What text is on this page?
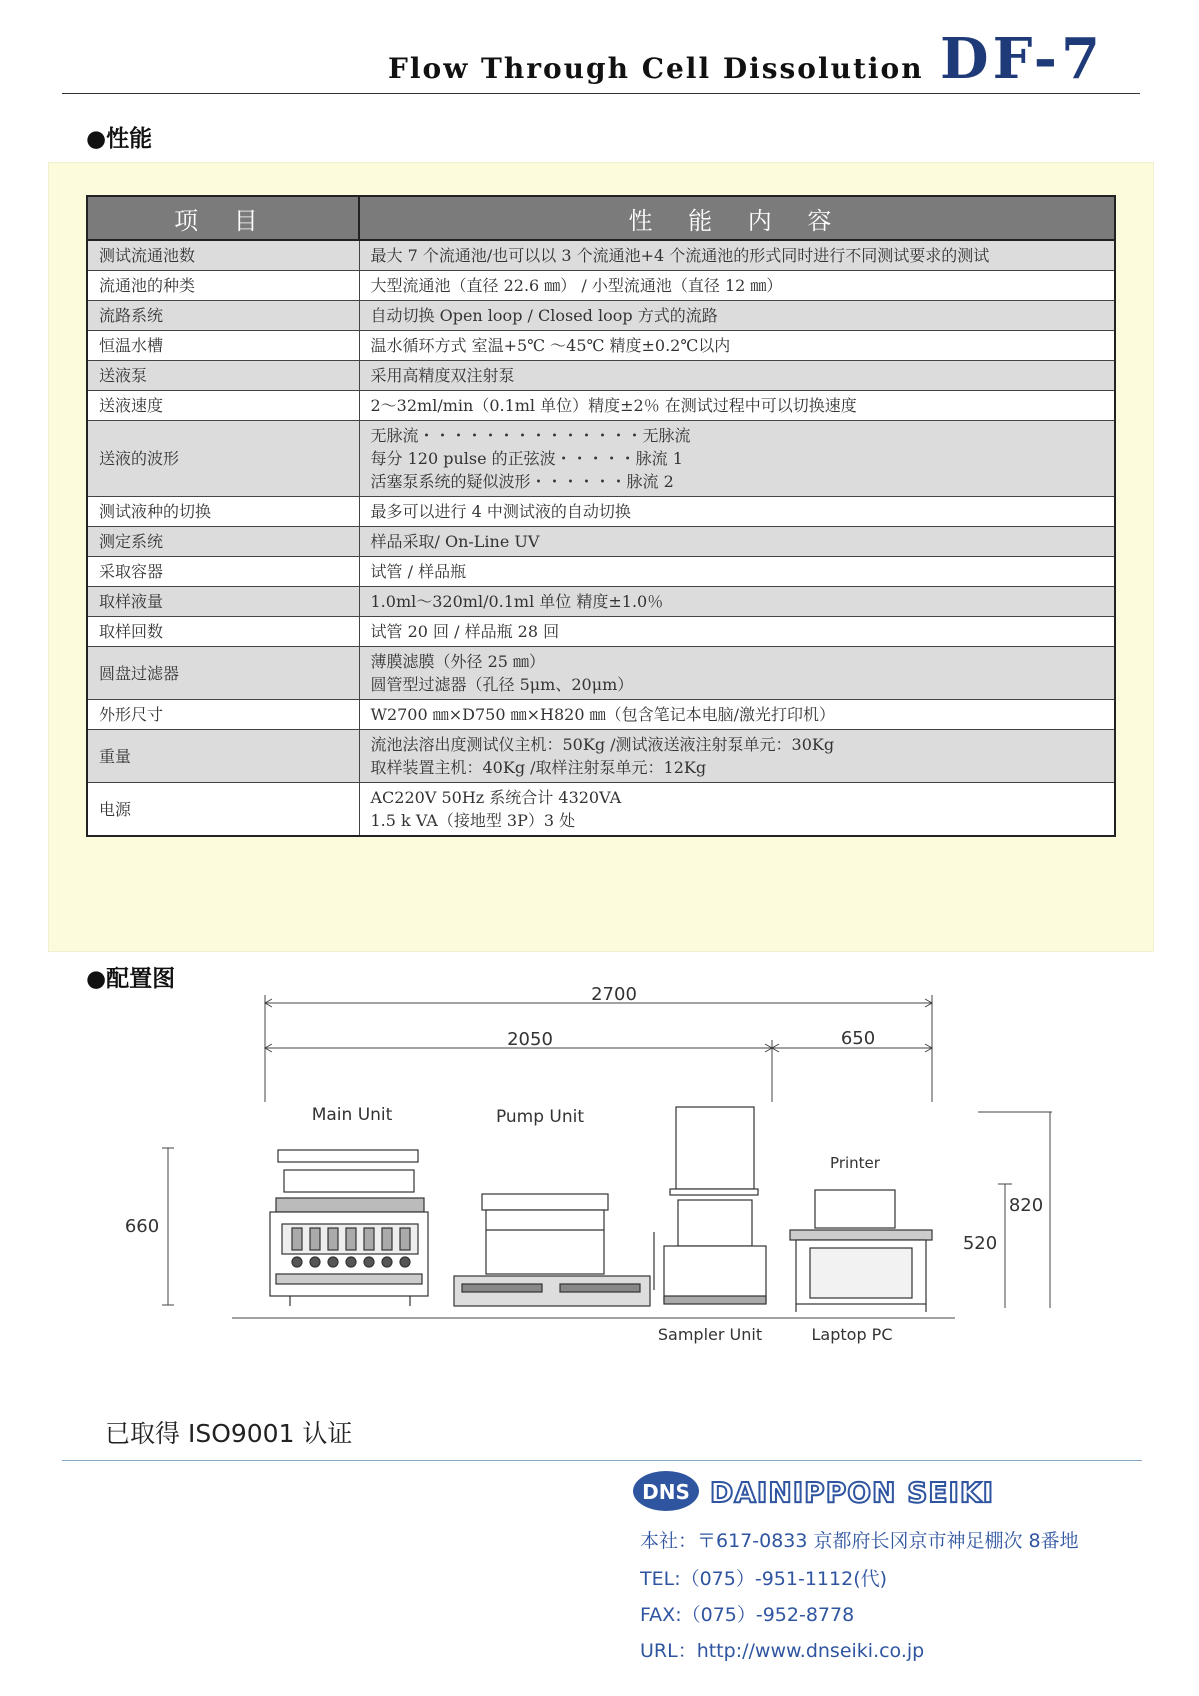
Flow Through Cell Dissolution DF-7
●性能
项 目	性 能 内 容
测试流通池数	最大 7 个流通池/也可以以 3 个流通池+4 个流通池的形式同时进行不同测试要求的测试

流通池的种类	大型流通池（直径 22.6 ㎜） / 小型流通池（直径 12 ㎜）

流路系统	自动切换 Open loop / Closed loop 方式的流路

恒温水槽	温水循环方式 室温+5℃ ～45℃ 精度±0.2℃以内

送液泵	采用高精度双注射泵

送液速度	2～32ml/min（0.1ml 单位）精度±2％ 在测试过程中可以切换速度

送液的波形	无脉流・・・・・・・・・・・・・・无脉流
每分 120 pulse 的正弦波・・・・・脉流 1
活塞泵系统的疑似波形・・・・・・脉流 2

测试液种的切换	最多可以进行 4 中测试液的自动切换

测定系统	样品采取/ On-Line UV

采取容器	试管 / 样品瓶

取样液量	1.0ml～320ml/0.1ml 单位 精度±1.0％

取样回数	试管 20 回 / 样品瓶 28 回

圆盘过滤器	薄膜滤膜（外径 25 ㎜）
圆管型过滤器（孔径 5μm、20μm）

外形尺寸	W2700 ㎜×D750 ㎜×H820 ㎜（包含笔记本电脑/激光打印机）

重量	流池法溶出度测试仪主机：50Kg /测试液送液注射泵单元：30Kg
取样装置主机：40Kg /取样注射泵单元：12Kg

电源	AC220V 50Hz 系统合计 4320VA
1.5 k VA（接地型 3P）3 处
●配置图
2700
2050	650
660
520
820
Main Unit	Pump Unit
Printer
Sampler Unit	Laptop PC
已取得 ISO9001 认证
DNS DAINIPPON SEIKI
本社：〒617-0833 京都府长冈京市神足棚次 8番地
TEL:（075）-951-1112(代)
FAX:（075）-952-8778
URL：http://www.dnseiki.co.jp
